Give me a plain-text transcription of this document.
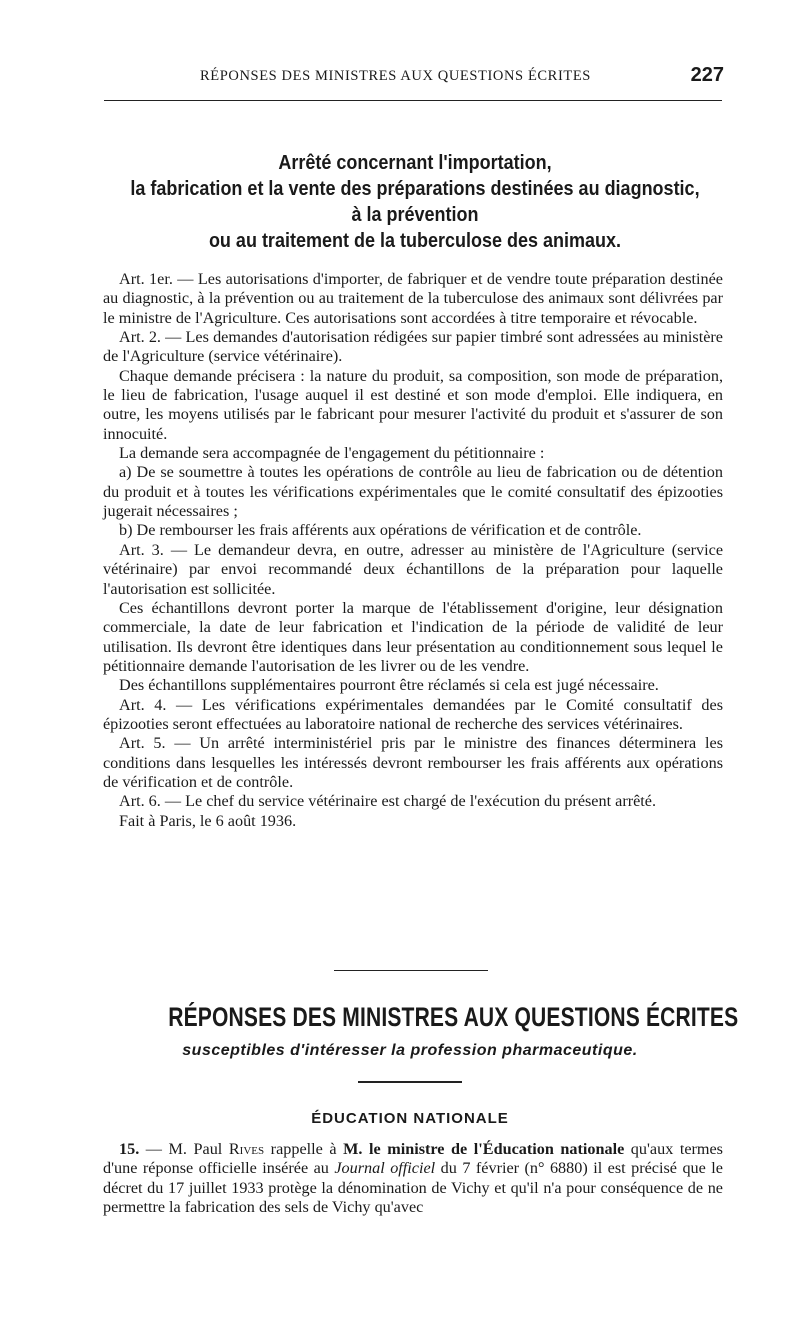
RÉPONSES DES MINISTRES AUX QUESTIONS ÉCRITES	227
Arrêté concernant l'importation,
la fabrication et la vente des préparations destinées au diagnostic,
à la prévention
ou au traitement de la tuberculose des animaux.

Art. 1er. — Les autorisations d'importer, de fabriquer et de vendre toute préparation destinée au diagnostic, à la prévention ou au traitement de la tuberculose des animaux sont délivrées par le ministre de l'Agriculture. Ces autorisations sont accordées à titre temporaire et révocable.

Art. 2. — Les demandes d'autorisation rédigées sur papier timbré sont adressées au ministère de l'Agriculture (service vétérinaire).

Chaque demande précisera : la nature du produit, sa composition, son mode de préparation, le lieu de fabrication, l'usage auquel il est destiné et son mode d'emploi. Elle indiquera, en outre, les moyens utilisés par le fabricant pour mesurer l'activité du produit et s'assurer de son innocuité.

La demande sera accompagnée de l'engagement du pétitionnaire :

a) De se soumettre à toutes les opérations de contrôle au lieu de fabrication ou de détention du produit et à toutes les vérifications expérimentales que le comité consultatif des épizooties jugerait nécessaires ;

b) De rembourser les frais afférents aux opérations de vérification et de contrôle.

Art. 3. — Le demandeur devra, en outre, adresser au ministère de l'Agriculture (service vétérinaire) par envoi recommandé deux échantillons de la préparation pour laquelle l'autorisation est sollicitée.

Ces échantillons devront porter la marque de l'établissement d'origine, leur désignation commerciale, la date de leur fabrication et l'indication de la période de validité de leur utilisation. Ils devront être identiques dans leur présentation au conditionnement sous lequel le pétitionnaire demande l'autorisation de les livrer ou de les vendre.

Des échantillons supplémentaires pourront être réclamés si cela est jugé nécessaire.

Art. 4. — Les vérifications expérimentales demandées par le Comité consultatif des épizooties seront effectuées au laboratoire national de recherche des services vétérinaires.

Art. 5. — Un arrêté interministériel pris par le ministre des finances déterminera les conditions dans lesquelles les intéressés devront rembourser les frais afférents aux opérations de vérification et de contrôle.

Art. 6. — Le chef du service vétérinaire est chargé de l'exécution du présent arrêté.

Fait à Paris, le 6 août 1936.

RÉPONSES DES MINISTRES AUX QUESTIONS ÉCRITES
susceptibles d'intéresser la profession pharmaceutique.
ÉDUCATION NATIONALE

15. — M. Paul Rives rappelle à M. le ministre de l'Éducation nationale qu'aux termes d'une réponse officielle insérée au Journal officiel du 7 février (n° 6880) il est précisé que le décret du 17 juillet 1933 protège la dénomination de Vichy et qu'il n'a pour conséquence de ne permettre la fabrication des sels de Vichy qu'avec
